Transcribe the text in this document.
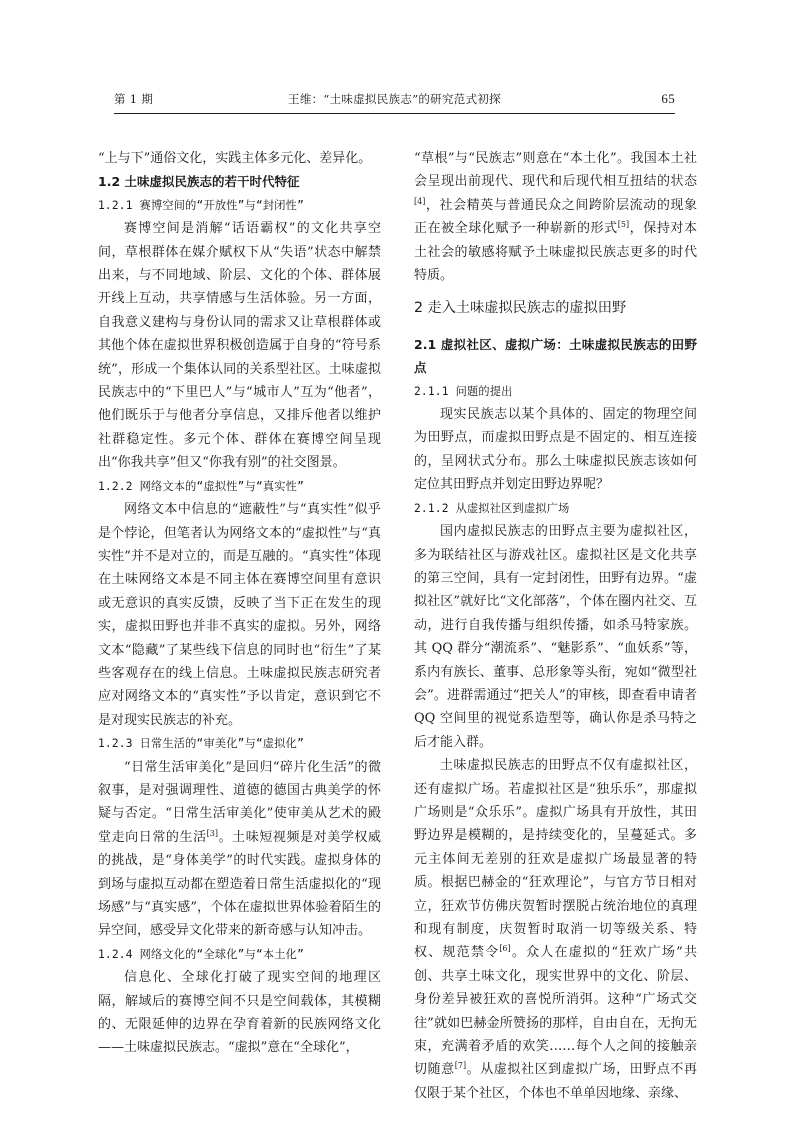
第 1 期	王维：“土味虚拟民族志”的研究范式初探	65

“上与下”通俗文化，实践主体多元化、差异化。

1.2 土味虚拟民族志的若干时代特征

1.2.1 赛博空间的“开放性”与“封闭性”

赛博空间是消解“话语霸权”的文化共享空间，草根群体在媒介赋权下从“失语”状态中解禁出来，与不同地域、阶层、文化的个体、群体展开线上互动，共享情感与生活体验。另一方面，自我意义建构与身份认同的需求又让草根群体或其他个体在虚拟世界积极创造属于自身的“符号系统”，形成一个集体认同的关系型社区。土味虚拟民族志中的“下里巴人”与“城市人”互为“他者”，他们既乐于与他者分享信息，又排斥他者以维护社群稳定性。多元个体、群体在赛博空间呈现出“你我共享”但又“你我有别”的社交图景。

1.2.2 网络文本的“虚拟性”与“真实性”

网络文本中信息的“遮蔽性”与“真实性”似乎是个悖论，但笔者认为网络文本的“虚拟性”与“真实性”并不是对立的，而是互融的。“真实性”体现在土味网络文本是不同主体在赛博空间里有意识或无意识的真实反馈，反映了当下正在发生的现实，虚拟田野也并非不真实的虚拟。另外，网络文本“隐藏”了某些线下信息的同时也“衍生”了某些客观存在的线上信息。土味虚拟民族志研究者应对网络文本的“真实性”予以肯定，意识到它不是对现实民族志的补充。

1.2.3 日常生活的“审美化”与“虚拟化”

“日常生活审美化”是回归“碎片化生活”的微叙事，是对强调理性、道德的德国古典美学的怀疑与否定。“日常生活审美化”使审美从艺术的殿堂走向日常的生活[3]。土味短视频是对美学权威的挑战，是“身体美学”的时代实践。虚拟身体的到场与虚拟互动都在塑造着日常生活虚拟化的“现场感”与“真实感”，个体在虚拟世界体验着陌生的异空间，感受异文化带来的新奇感与认知冲击。

1.2.4 网络文化的“全球化”与“本土化”

信息化、全球化打破了现实空间的地理区隔，解域后的赛博空间不只是空间载体，其模糊的、无限延伸的边界在孕育着新的民族网络文化——土味虚拟民族志。“虚拟”意在“全球化”，

“草根”与“民族志”则意在“本土化”。我国本土社会呈现出前现代、现代和后现代相互扭结的状态[4]，社会精英与普通民众之间跨阶层流动的现象正在被全球化赋予一种崭新的形式[5]，保持对本土社会的敏感将赋予土味虚拟民族志更多的时代特质。

2 走入土味虚拟民族志的虚拟田野

2.1 虚拟社区、虚拟广场：土味虚拟民族志的田野点

2.1.1 问题的提出

现实民族志以某个具体的、固定的物理空间为田野点，而虚拟田野点是不固定的、相互连接的，呈网状式分布。那么土味虚拟民族志该如何定位其田野点并划定田野边界呢？

2.1.2 从虚拟社区到虚拟广场

国内虚拟民族志的田野点主要为虚拟社区，多为联结社区与游戏社区。虚拟社区是文化共享的第三空间，具有一定封闭性，田野有边界。“虚拟社区”就好比“文化部落”，个体在圈内社交、互动，进行自我传播与组织传播，如杀马特家族。其 QQ 群分“潮流系”、“魅影系”、“血妖系”等，系内有族长、董事、总形象等头衔，宛如“微型社会”。进群需通过“把关人”的审核，即查看申请者 QQ 空间里的视觉系造型等，确认你是杀马特之后才能入群。

土味虚拟民族志的田野点不仅有虚拟社区，还有虚拟广场。若虚拟社区是“独乐乐”，那虚拟广场则是“众乐乐”。虚拟广场具有开放性，其田野边界是模糊的，是持续变化的，呈蔓延式。多元主体间无差别的狂欢是虚拟广场最显著的特质。根据巴赫金的“狂欢理论”，与官方节日相对立，狂欢节仿佛庆贺暂时摆脱占统治地位的真理和现有制度，庆贺暂时取消一切等级关系、特权、规范禁令[6]。众人在虚拟的“狂欢广场”共创、共享土味文化，现实世界中的文化、阶层、身份差异被狂欢的喜悦所消弭。这种“广场式交往”就如巴赫金所赞扬的那样，自由自在，无拘无束，充满着矛盾的欢笑……每个人之间的接触亲切随意[7]。从虚拟社区到虚拟广场，田野点不再仅限于某个社区，个体也不单单因地缘、亲缘、
